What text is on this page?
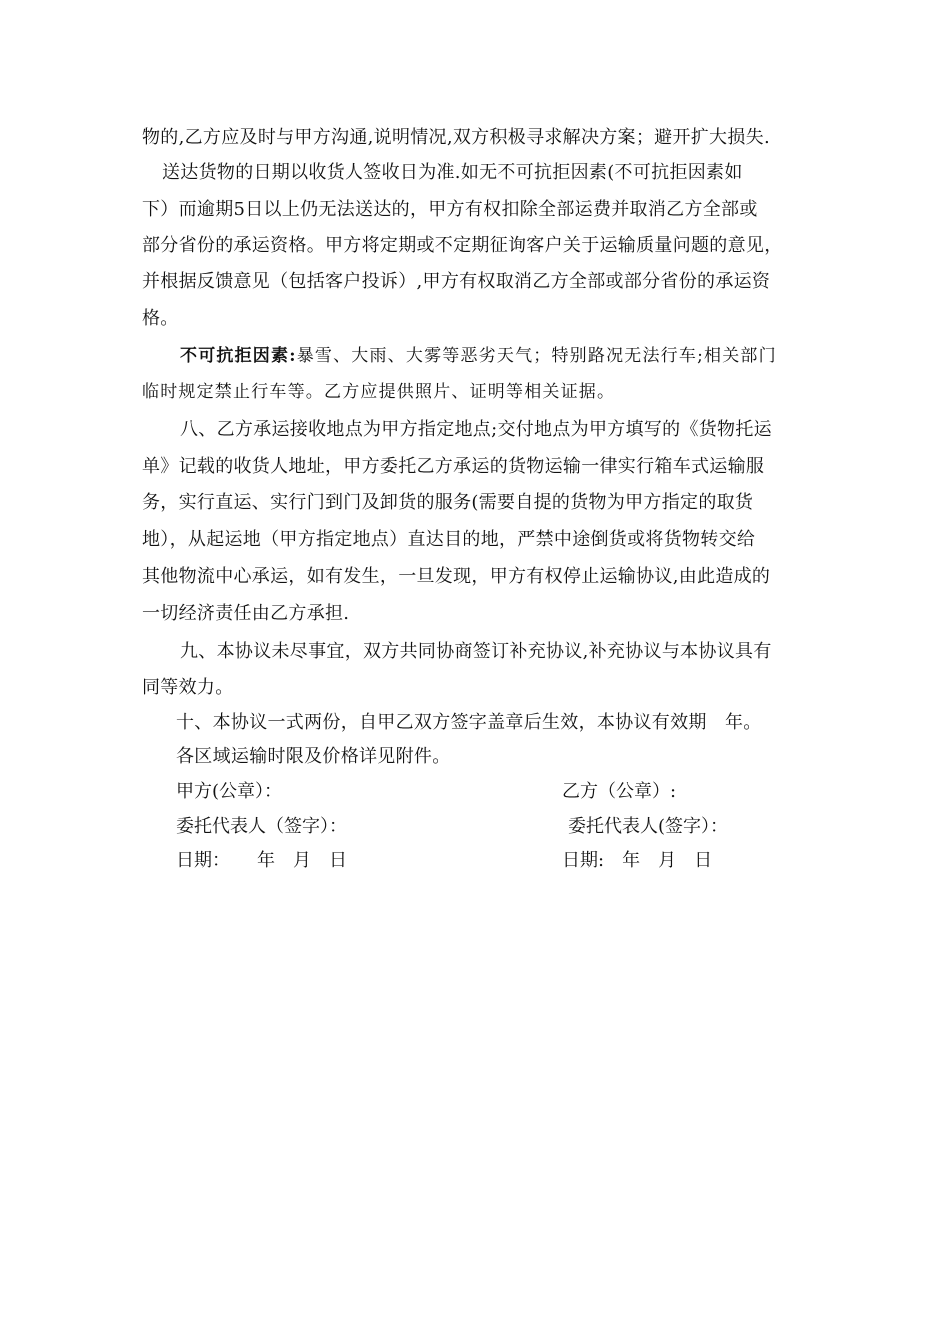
物的,乙方应及时与甲方沟通,说明情况,双方积极寻求解决方案；避开扩大损失.
送达货物的日期以收货人签收日为准.如无不可抗拒因素(不可抗拒因素如
下）而逾期5日以上仍无法送达的，甲方有权扣除全部运费并取消乙方全部或
部分省份的承运资格。甲方将定期或不定期征询客户关于运输质量问题的意见，
并根据反馈意见（包括客户投诉）,甲方有权取消乙方全部或部分省份的承运资
格。
不可抗拒因素:暴雪、大雨、大雾等恶劣天气；特别路况无法行车;相关部门
临时规定禁止行车等。乙方应提供照片、证明等相关证据。
八、乙方承运接收地点为甲方指定地点;交付地点为甲方填写的《货物托运
单》记载的收货人地址，甲方委托乙方承运的货物运输一律实行箱车式运输服
务，实行直运、实行门到门及卸货的服务(需要自提的货物为甲方指定的取货
地），从起运地（甲方指定地点）直达目的地，严禁中途倒货或将货物转交给
其他物流中心承运，如有发生，一旦发现，甲方有权停止运输协议,由此造成的
一切经济责任由乙方承担.
九、本协议未尽事宜，双方共同协商签订补充协议,补充协议与本协议具有
同等效力。
十、本协议一式两份，自甲乙双方签字盖章后生效，本协议有效期　年。
各区域运输时限及价格详见附件。
甲方(公章）：
委托代表人（签字）：
日期：　　年　月　日
乙方（公章）:
委托代表人(签字）：
日期:　年　月　日
